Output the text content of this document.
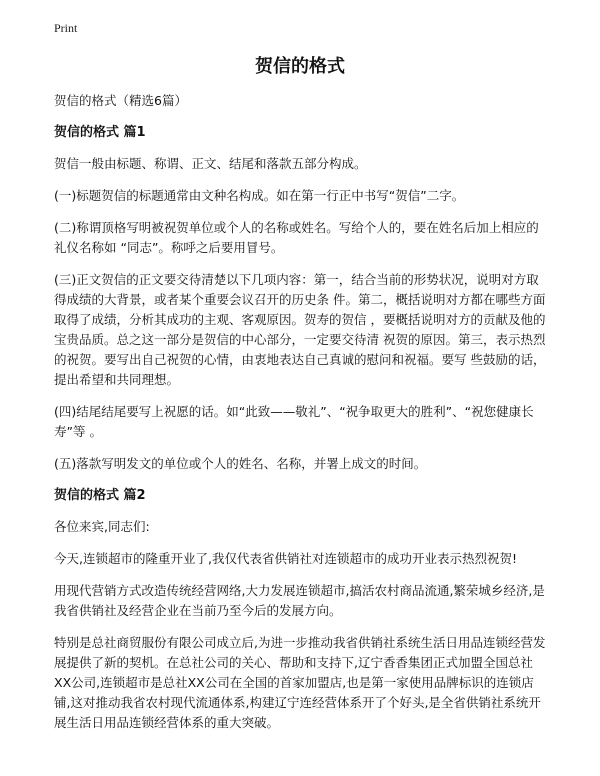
Print
贺信的格式

贺信的格式（精选6篇）

贺信的格式 篇1

贺信一般由标题、称谓、正文、结尾和落款五部分构成。

(一)标题贺信的标题通常由文种名构成。如在第一行正中书写“贺信”二字。

(二)称谓顶格写明被祝贺单位或个人的名称或姓名。写给个人的，要在姓名后加上相应的礼仪名称如 “同志”。称呼之后要用冒号。

(三)正文贺信的正文要交待清楚以下几项内容：第一，结合当前的形势状况，说明对方取得成绩的大背景，或者某个重要会议召开的历史条 件。第二，概括说明对方都在哪些方面取得了成绩，分析其成功的主观、客观原因。贺寿的贺信 ，要概括说明对方的贡献及他的宝贵品质。总之这一部分是贺信的中心部分，一定要交待清 祝贺的原因。第三，表示热烈的祝贺。要写出自己祝贺的心情，由衷地表达自己真诚的慰问和祝福。要写 些鼓励的话，提出希望和共同理想。

(四)结尾结尾要写上祝愿的话。如“此致——敬礼”、“祝争取更大的胜利”、“祝您健康长寿”等 。

(五)落款写明发文的单位或个人的姓名、名称，并署上成文的时间。

贺信的格式 篇2

各位来宾,同志们:

今天,连锁超市的隆重开业了,我仅代表省供销社对连锁超市的成功开业表示热烈祝贺!

用现代营销方式改造传统经营网络,大力发展连锁超市,搞活农村商品流通,繁荣城乡经济,是我省供销社及经营企业在当前乃至今后的发展方向。

特别是总社商贸服份有限公司成立后,为进一步推动我省供销社系统生活日用品连锁经营发展提供了新的契机。在总社公司的关心、帮助和支持下,辽宁香香集团正式加盟全国总社XX公司,连锁超市是总社XX公司在全国的首家加盟店,也是第一家使用品牌标识的连锁店铺,这对推动我省农村现代流通体系,构建辽宁连经营体系开了个好头,是全省供销社系统开展生活日用品连锁经营体系的重大突破。
